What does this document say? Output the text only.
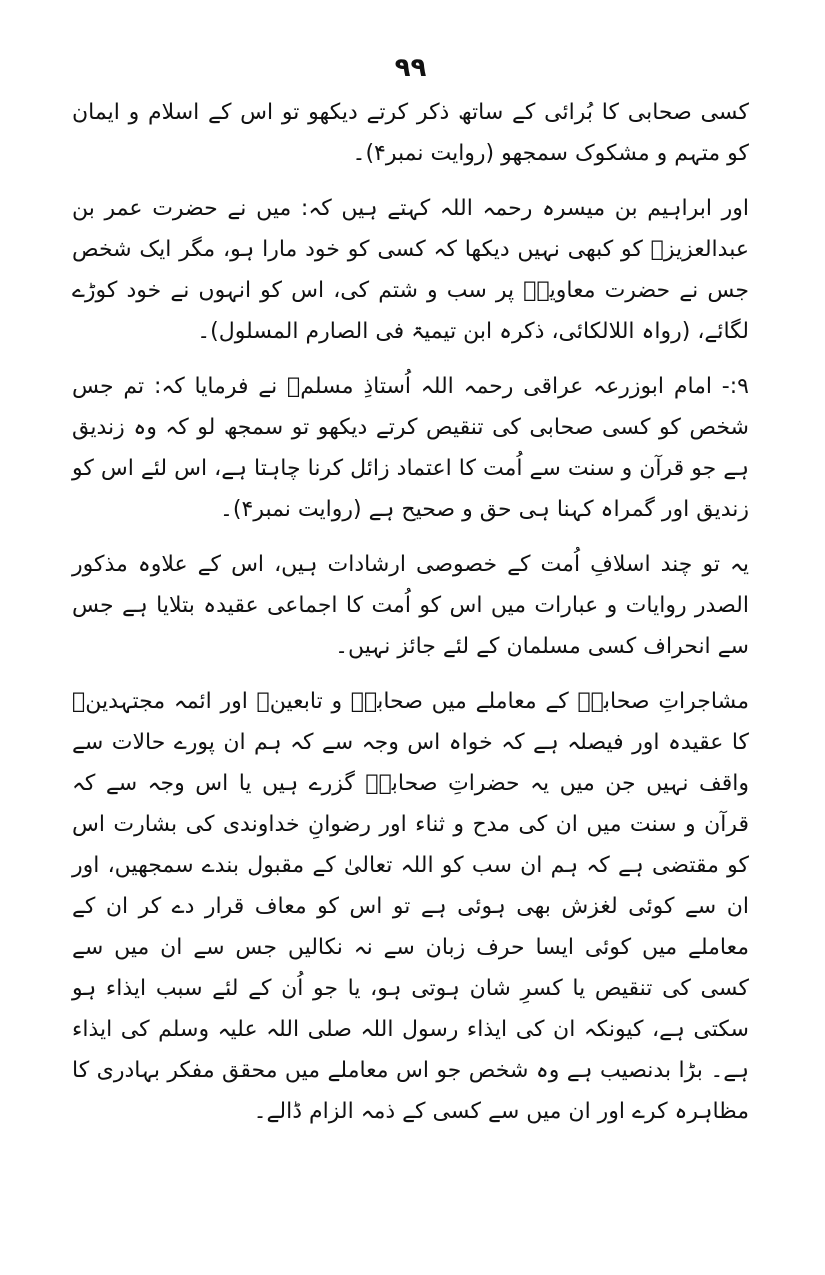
۹۹

کسی صحابی کا بُرائی کے ساتھ ذکر کرتے دیکھو تو اس کے اسلام و ایمان کو متہم و مشکوک سمجھو (روایت نمبر۴)۔

اور ابراہیم بن میسرہ رحمہ اللہ کہتے ہیں کہ: میں نے حضرت عمر بن عبدالعزیزؒ کو کبھی نہیں دیکھا کہ کسی کو خود مارا ہو، مگر ایک شخص جس نے حضرت معاویہؓ پر سب و شتم کی، اس کو انہوں نے خود کوڑے لگائے، (رواہ اللالکائی، ذکرہ ابن تیمیۃ فی الصارم المسلول)۔

۹:- امام ابوزرعہ عراقی رحمہ اللہ اُستاذِ مسلمؒ نے فرمایا کہ: تم جس شخص کو کسی صحابی کی تنقیص کرتے دیکھو تو سمجھ لو کہ وہ زندیق ہے جو قرآن و سنت سے اُمت کا اعتماد زائل کرنا چاہتا ہے، اس لئے اس کو زندیق اور گمراہ کہنا ہی حق و صحیح ہے (روایت نمبر۴)۔

یہ تو چند اسلافِ اُمت کے خصوصی ارشادات ہیں، اس کے علاوہ مذکور الصدر روایات و عبارات میں اس کو اُمت کا اجماعی عقیدہ بتلایا ہے جس سے انحراف کسی مسلمان کے لئے جائز نہیں۔

مشاجراتِ صحابہؓ کے معاملے میں صحابہؓ و تابعینؒ اور ائمہ مجتہدینؒ کا عقیدہ اور فیصلہ ہے کہ خواہ اس وجہ سے کہ ہم ان پورے حالات سے واقف نہیں جن میں یہ حضراتِ صحابہؓ گزرے ہیں یا اس وجہ سے کہ قرآن و سنت میں ان کی مدح و ثناء اور رضوانِ خداوندی کی بشارت اس کو مقتضی ہے کہ ہم ان سب کو اللہ تعالیٰ کے مقبول بندے سمجھیں، اور ان سے کوئی لغزش بھی ہوئی ہے تو اس کو معاف قرار دے کر ان کے معاملے میں کوئی ایسا حرف زبان سے نہ نکالیں جس سے ان میں سے کسی کی تنقیص یا کسرِ شان ہوتی ہو، یا جو اُن کے لئے سبب ایذاء ہو سکتی ہے، کیونکہ ان کی ایذاء رسول اللہ صلی اللہ علیہ وسلم کی ایذاء ہے۔ بڑا بدنصیب ہے وہ شخص جو اس معاملے میں محقق مفکر بہادری کا مظاہرہ کرے اور ان میں سے کسی کے ذمہ الزام ڈالے۔
